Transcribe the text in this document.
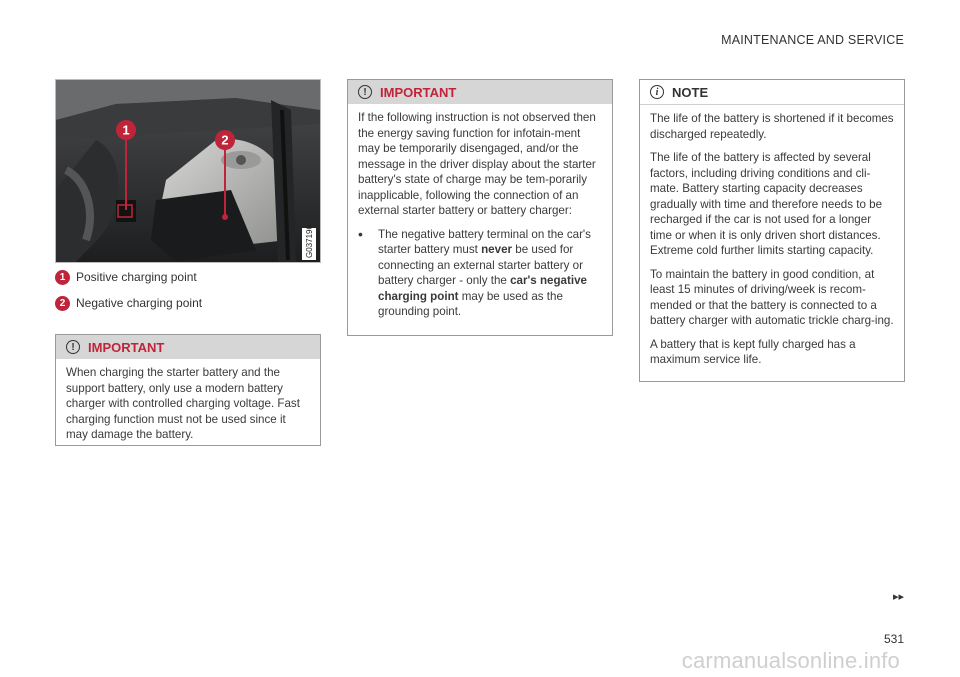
MAINTENANCE AND SERVICE
1
2
G037196
1 Positive charging point
2 Negative charging point
!	IMPORTANT

When charging the starter battery and the support battery, only use a modern battery charger with controlled charging voltage. Fast charging function must not be used since it may damage the battery.

!	IMPORTANT

If the following instruction is not observed then the energy saving function for infotain-ment may be temporarily disengaged, and/or the message in the driver display about the starter battery's state of charge may be tem-porarily inapplicable, following the connection of an external starter battery or battery charger:

•	The negative battery terminal on the car's starter battery must never be used for connecting an external starter battery or battery charger - only the car's negative charging point may be used as the grounding point.
i	NOTE

The life of the battery is shortened if it becomes discharged repeatedly.

The life of the battery is affected by several factors, including driving conditions and cli-mate. Battery starting capacity decreases gradually with time and therefore needs to be recharged if the car is not used for a longer time or when it is only driven short distances. Extreme cold further limits starting capacity.

To maintain the battery in good condition, at least 15 minutes of driving/week is recom-mended or that the battery is connected to a battery charger with automatic trickle charg-ing.

A battery that is kept fully charged has a maximum service life.

▸▸
531
carmanualsonline.info
